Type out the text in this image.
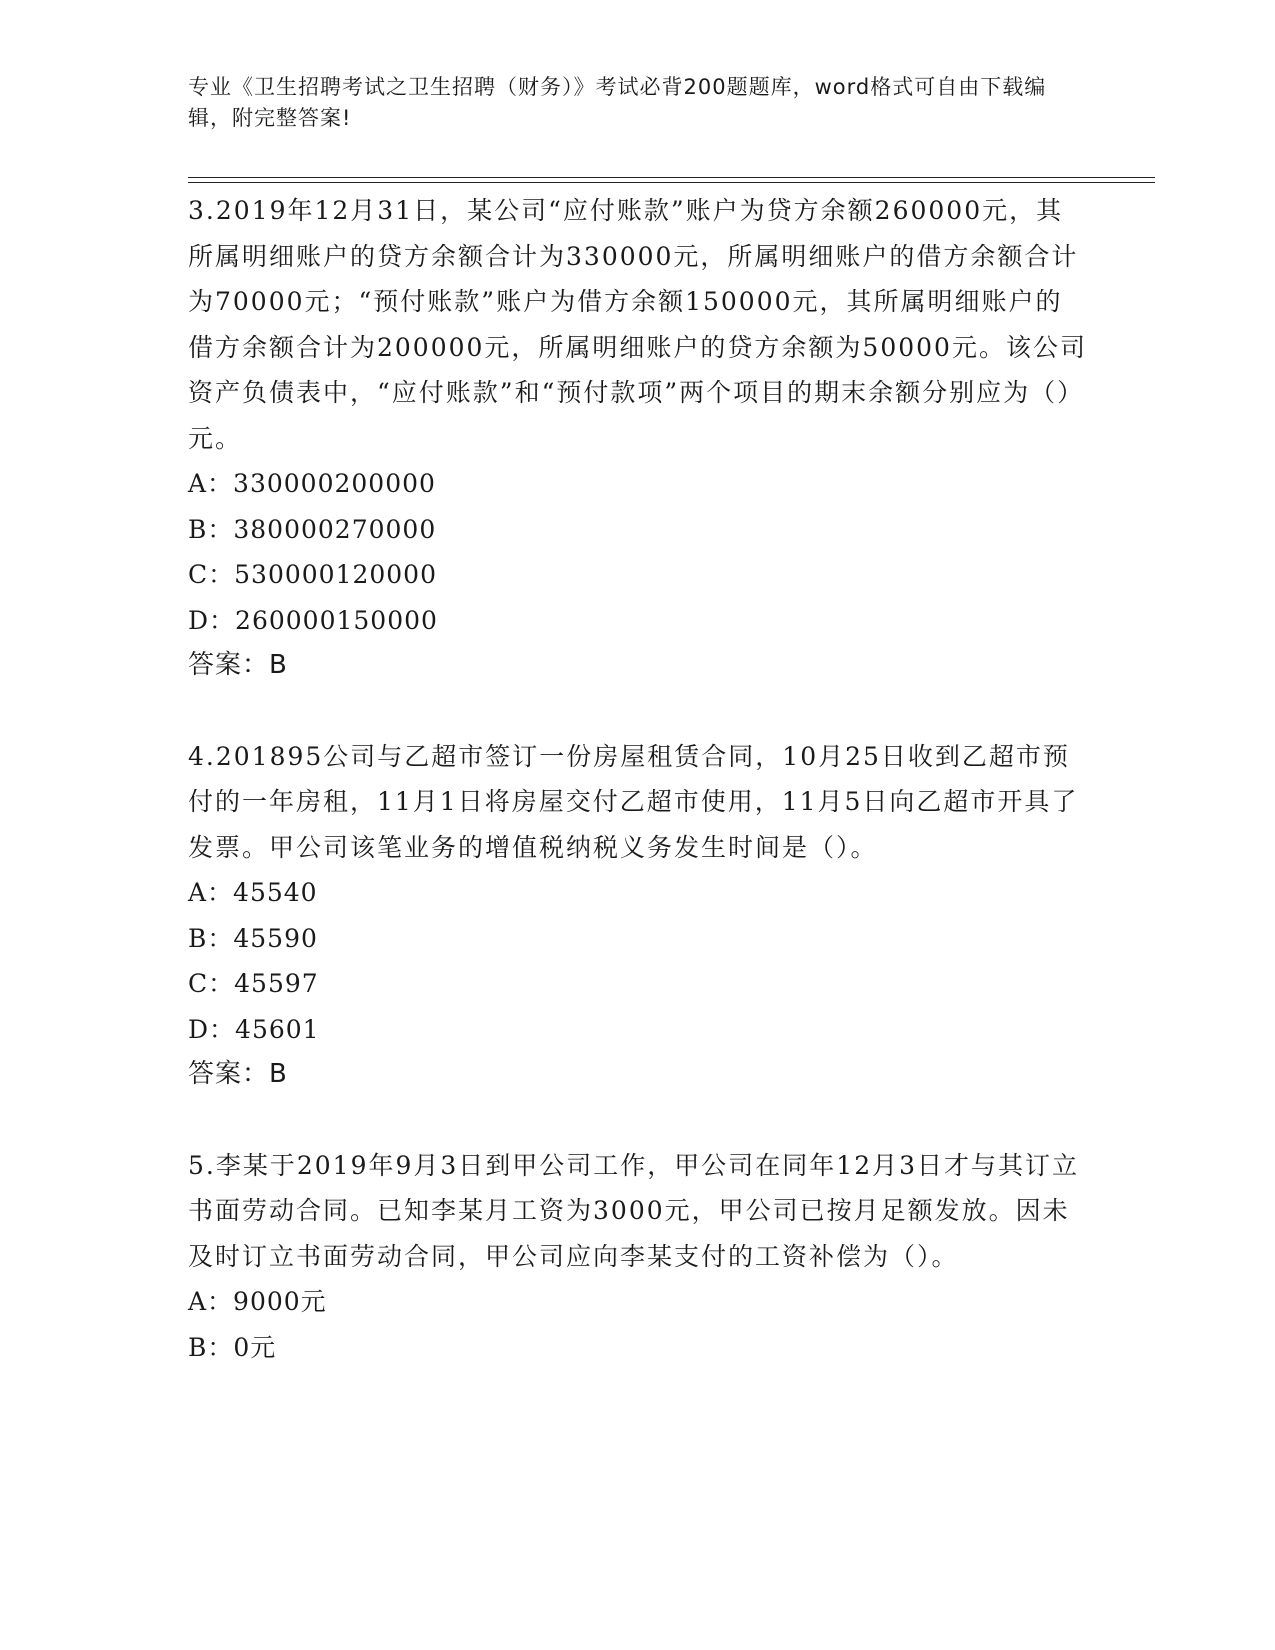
专业《卫生招聘考试之卫生招聘（财务）》考试必背200题题库，word格式可自由下载编辑，附完整答案!

3.2019年12月31日，某公司“应付账款”账户为贷方余额260000元，其所属明细账户的贷方余额合计为330000元，所属明细账户的借方余额合计为70000元；“预付账款”账户为借方余额150000元，其所属明细账户的借方余额合计为200000元，所属明细账户的贷方余额为50000元。该公司资产负债表中，“应付账款”和“预付款项”两个项目的期末余额分别应为（）元。

A：330000200000

B：380000270000

C：530000120000

D：260000150000

答案：B

4.201895公司与乙超市签订一份房屋租赁合同，10月25日收到乙超市预付的一年房租，11月1日将房屋交付乙超市使用，11月5日向乙超市开具了发票。甲公司该笔业务的增值税纳税义务发生时间是（）。

A：45540

B：45590

C：45597

D：45601

答案：B

5.李某于2019年9月3日到甲公司工作，甲公司在同年12月3日才与其订立书面劳动合同。已知李某月工资为3000元，甲公司已按月足额发放。因未及时订立书面劳动合同，甲公司应向李某支付的工资补偿为（）。

A：9000元

B：0元
